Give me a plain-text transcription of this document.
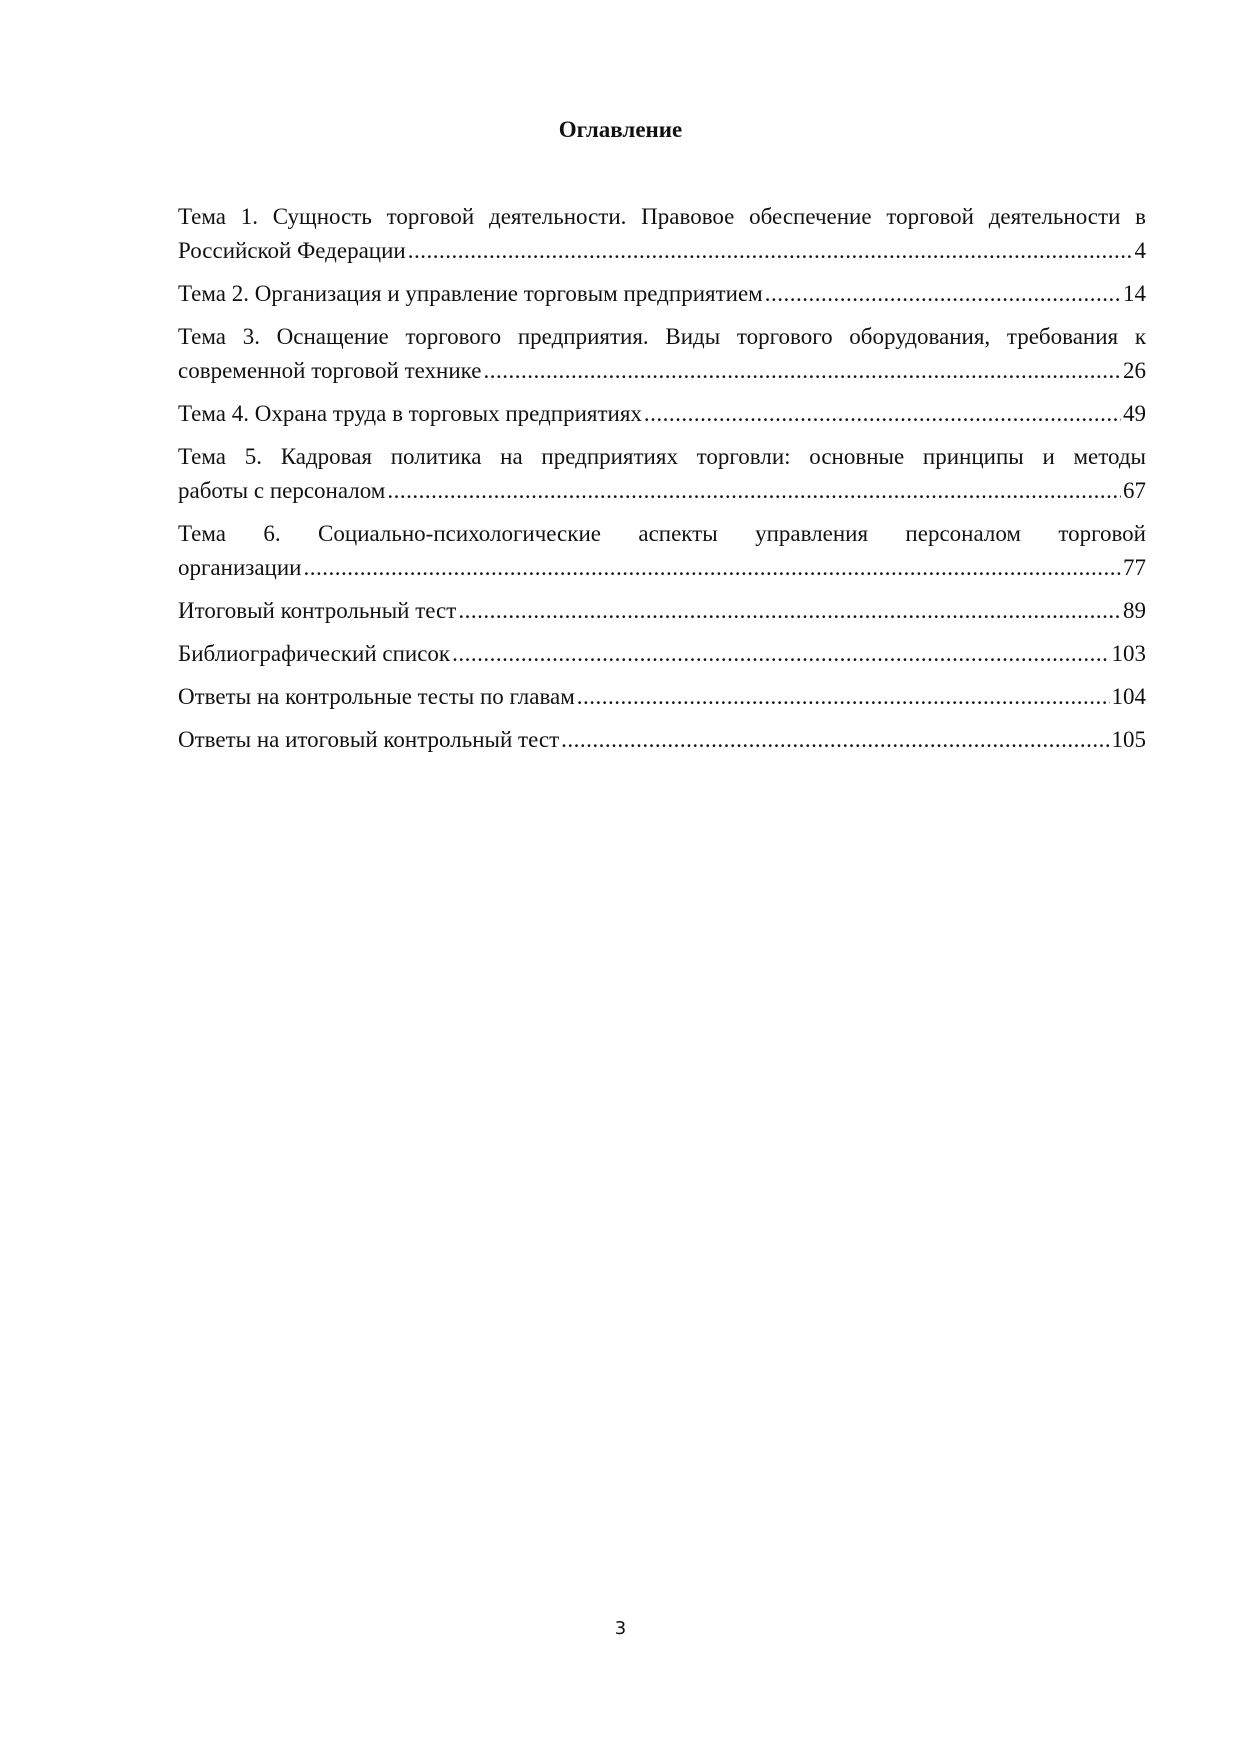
Оглавление
Тема 1. Сущность торговой деятельности. Правовое обеспечение торговой деятельности в
Российской Федерации .....	4
Тема 2. Организация и управление торговым предприятием .....	14
Тема 3. Оснащение торгового предприятия. Виды торгового оборудования, требования к
современной торговой технике .....	26
Тема 4. Охрана труда в торговых предприятиях .....	49
Тема 5. Кадровая политика на предприятиях торговли: основные принципы и методы
работы с персоналом .....	67
Тема 6. Социально-психологические аспекты управления персоналом торговой
организации .....	77
Итоговый контрольный тест .....	89
Библиографический список .....	103
Ответы на контрольные тесты по главам .....	104
Ответы на итоговый контрольный тест .....	105
3
